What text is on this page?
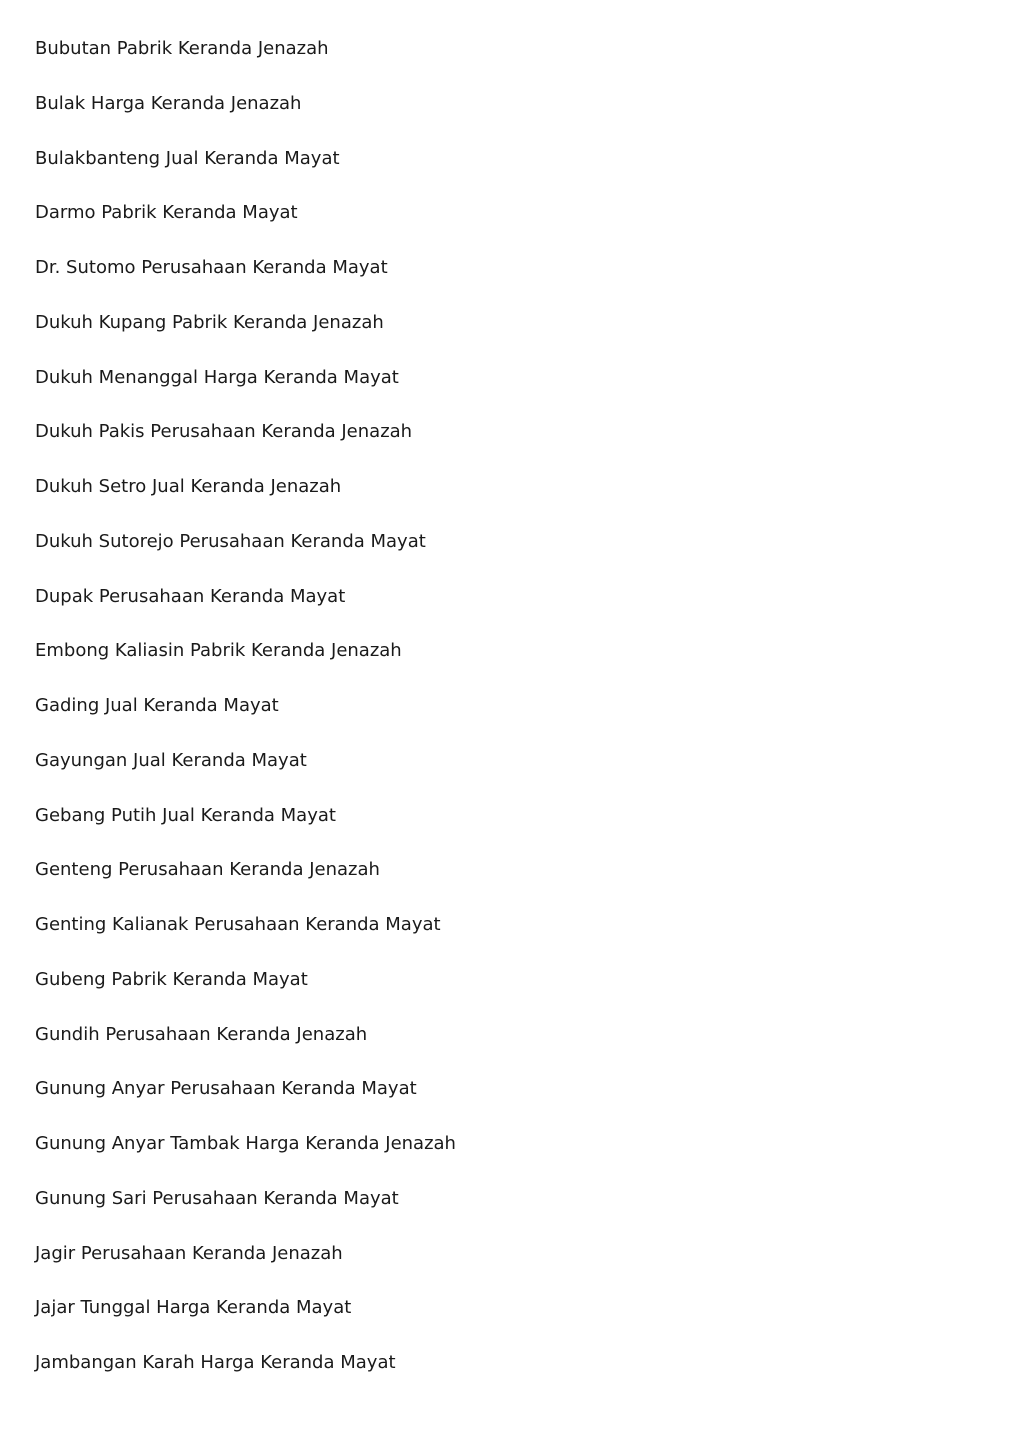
Bubutan Pabrik Keranda Jenazah
Bulak Harga Keranda Jenazah
Bulakbanteng Jual Keranda Mayat
Darmo Pabrik Keranda Mayat
Dr. Sutomo Perusahaan Keranda Mayat
Dukuh Kupang Pabrik Keranda Jenazah
Dukuh Menanggal Harga Keranda Mayat
Dukuh Pakis Perusahaan Keranda Jenazah
Dukuh Setro Jual Keranda Jenazah
Dukuh Sutorejo Perusahaan Keranda Mayat
Dupak Perusahaan Keranda Mayat
Embong Kaliasin Pabrik Keranda Jenazah
Gading Jual Keranda Mayat
Gayungan Jual Keranda Mayat
Gebang Putih Jual Keranda Mayat
Genteng Perusahaan Keranda Jenazah
Genting Kalianak Perusahaan Keranda Mayat
Gubeng Pabrik Keranda Mayat
Gundih Perusahaan Keranda Jenazah
Gunung Anyar Perusahaan Keranda Mayat
Gunung Anyar Tambak Harga Keranda Jenazah
Gunung Sari Perusahaan Keranda Mayat
Jagir Perusahaan Keranda Jenazah
Jajar Tunggal Harga Keranda Mayat
Jambangan Karah Harga Keranda Mayat
